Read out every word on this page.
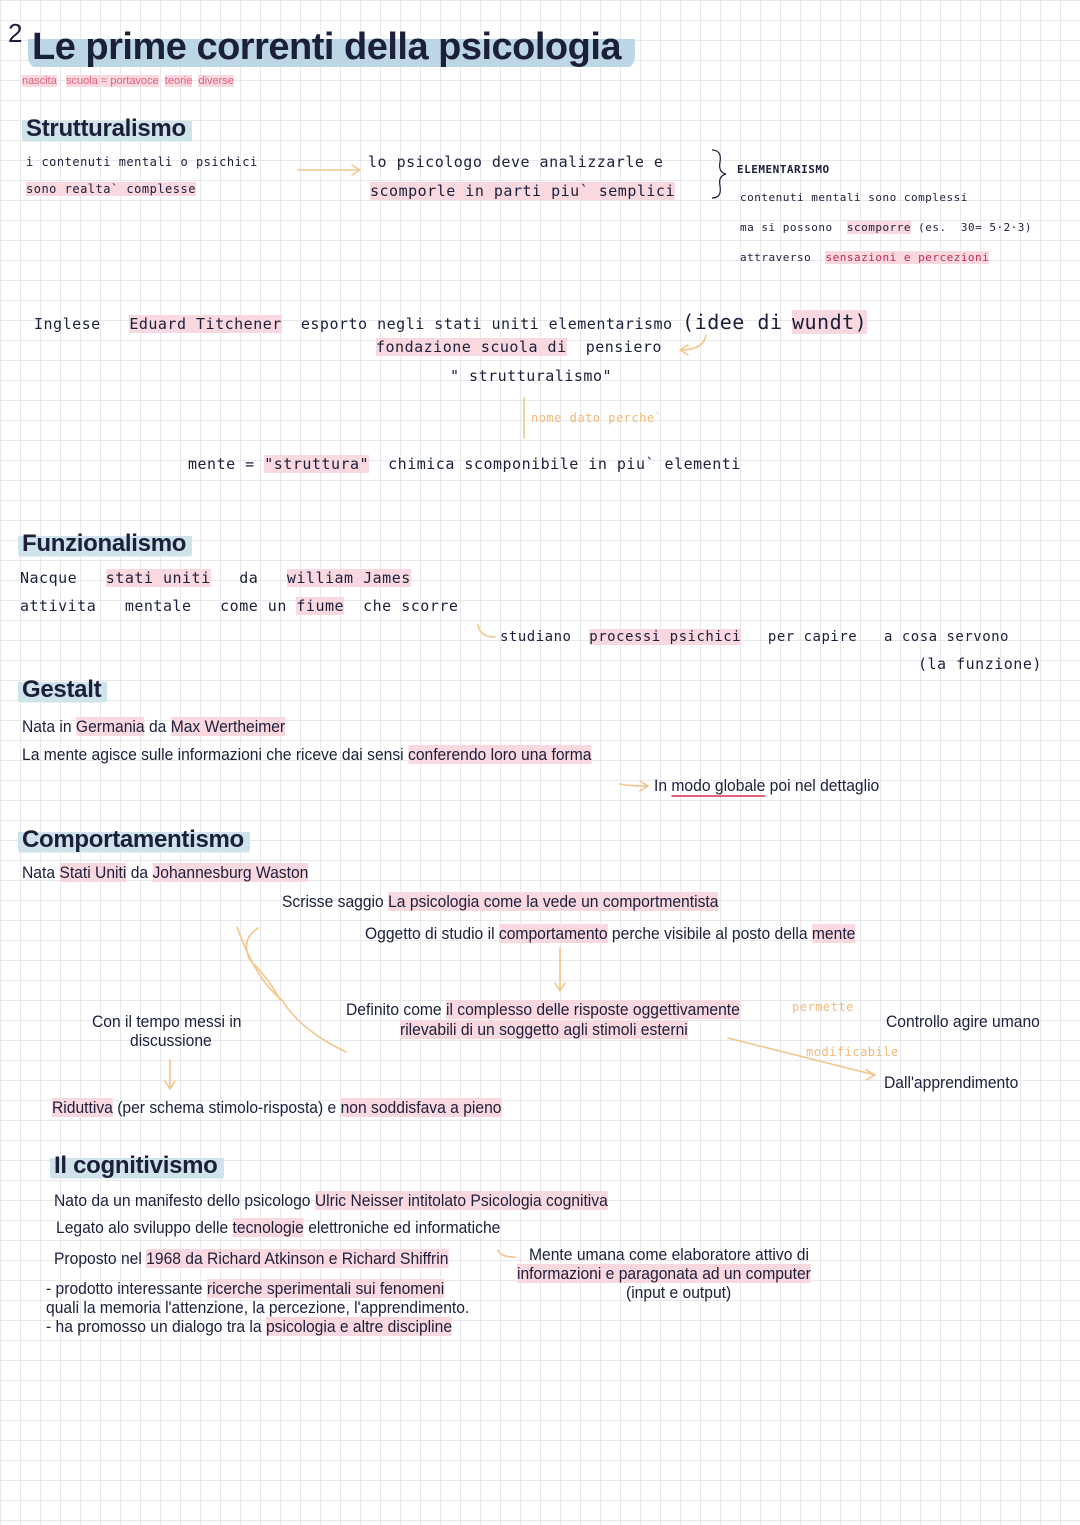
2 Le prime correnti della psicologia
nascita scuola = portavoce teorie diverse
Strutturalismo
i contenuti mentali o psichici
sono realta` complesse
lo psicologo deve analizzarle e
scomporle in parti piu` semplici
ELEMENTARISMO
contenuti mentali sono complessi
ma si possono scomporre (es. 30= 5·2·3)
attraverso sensazioni e percezioni
Inglese Eduard Titchener esporto negli stati uniti elementarismo (idee di wundt)
fondazione scuola di pensiero
" strutturalismo"
nome dato perche`
mente = "struttura" chimica scomponibile in piu` elementi
Funzionalismo
Nacque stati uniti da william James
attivita mentale come un fiume che scorre
studiano processi psichici per capire a cosa servono
(la funzione)
Gestalt
Nata in Germania da Max Wertheimer
La mente agisce sulle informazioni che riceve dai sensi conferendo loro una forma
In modo globale poi nel dettaglio
Comportamentismo
Nata Stati Uniti da Johannesburg Waston
Scrisse saggio La psicologia come la vede un comportmentista
Oggetto di studio il comportamento perche visibile al posto della mente
Definito come il complesso delle risposte oggettivamente
rilevabili di un soggetto agli stimoli esterni
permette
Controllo agire umano
modificabile
Dall'apprendimento
Con il tempo messi in
discussione
Riduttiva (per schema stimolo-risposta) e non soddisfava a pieno
Il cognitivismo
Nato da un manifesto dello psicologo Ulric Neisser intitolato Psicologia cognitiva
Legato alo sviluppo delle tecnologie elettroniche ed informatiche
Proposto nel 1968 da Richard Atkinson e Richard Shiffrin	Mente umana come elaboratore attivo di
informazioni e paragonata ad un computer
(input e output)
- prodotto interessante ricerche sperimentali sui fenomeni
quali la memoria l'attenzione, la percezione, l'apprendimento.
- ha promosso un dialogo tra la psicologia e altre discipline
